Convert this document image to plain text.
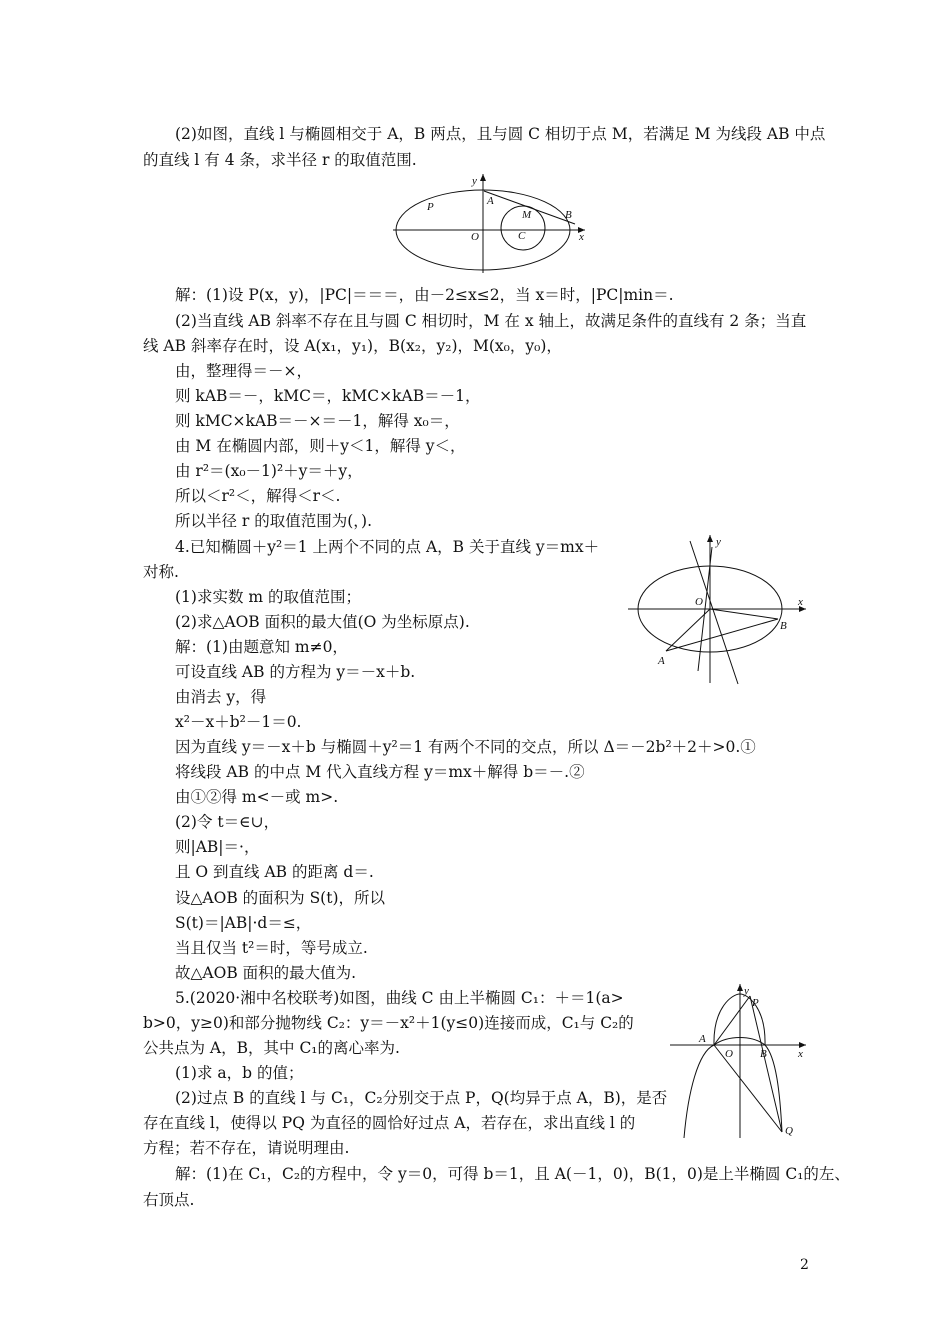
(2)如图，直线 l 与椭圆相交于 A，B 两点，且与圆 C 相切于点 M，若满足 M 为线段 AB 中点
的直线 l 有 4 条，求半径 r 的取值范围.
y
A
P
M	B
O	C	x
解：(1)设 P(x，y)，|PC|＝＝＝，由－2≤x≤2，当 x＝时，|PC|min＝.
(2)当直线 AB 斜率不存在且与圆 C 相切时，M 在 x 轴上，故满足条件的直线有 2 条；当直
线 AB 斜率存在时，设 A(x₁，y₁)，B(x₂，y₂)，M(x₀，y₀)，
由，整理得＝－×，
则 kAB＝－，kMC＝，kMC×kAB＝－1，
则 kMC×kAB＝－×＝－1，解得 x₀＝，
由 M 在椭圆内部，则＋y＜1，解得 y＜，
由 r²＝(x₀－1)²＋y＝＋y，
所以＜r²＜，解得＜r＜.
所以半径 r 的取值范围为(，).
4.已知椭圆＋y²＝1 上两个不同的点 A，B 关于直线 y＝mx＋
对称.
(1)求实数 m 的取值范围；
(2)求△AOB 面积的最大值(O 为坐标原点).
解：(1)由题意知 m≠0，
可设直线 AB 的方程为 y＝－x＋b.
由消去 y，得
x²－x＋b²－1＝0.
y
O	x
B
A
因为直线 y＝－x＋b 与椭圆＋y²＝1 有两个不同的交点，所以 Δ＝－2b²＋2＋>0.①
将线段 AB 的中点 M 代入直线方程 y＝mx＋解得 b＝－.②
由①②得 m<－或 m>.
(2)令 t＝∈∪，
则|AB|＝·，
且 O 到直线 AB 的距离 d＝.
设△AOB 的面积为 S(t)，所以
S(t)＝|AB|·d＝≤，
当且仅当 t²＝时，等号成立.
故△AOB 面积的最大值为.
5.(2020·湘中名校联考)如图，曲线 C 由上半椭圆 C₁：＋＝1(a>
b>0，y≥0)和部分抛物线 C₂：y＝－x²＋1(y≤0)连接而成，C₁与 C₂的
公共点为 A，B，其中 C₁的离心率为.
(1)求 a，b 的值；
(2)过点 B 的直线 l 与 C₁，C₂分别交于点 P，Q(均异于点 A，B)，是否
存在直线 l，使得以 PQ 为直径的圆恰好过点 A，若存在，求出直线 l 的
方程；若不存在，请说明理由.
解：(1)在 C₁，C₂的方程中，令 y＝0，可得 b＝1，且 A(－1，0)，B(1，0)是上半椭圆 C₁的左、
右顶点.
y
P
A
O B	x
Q
2
